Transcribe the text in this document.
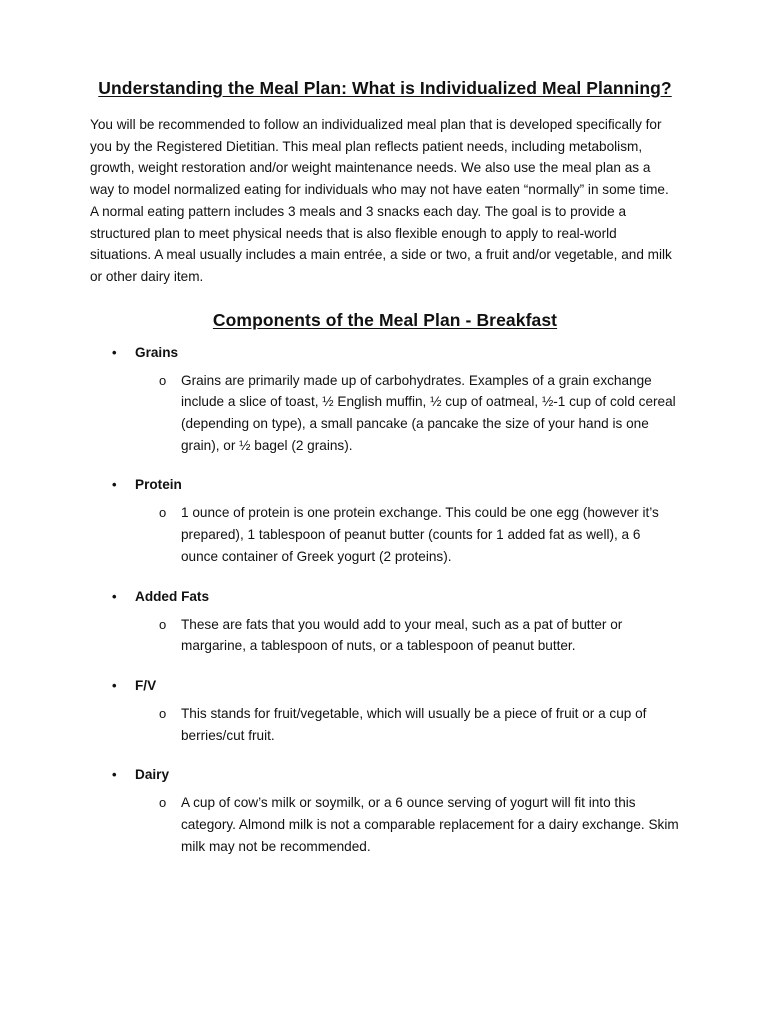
Understanding the Meal Plan: What is Individualized Meal Planning?

You will be recommended to follow an individualized meal plan that is developed specifically for you by the Registered Dietitian. This meal plan reflects patient needs, including metabolism, growth, weight restoration and/or weight maintenance needs. We also use the meal plan as a way to model normalized eating for individuals who may not have eaten “normally” in some time. A normal eating pattern includes 3 meals and 3 snacks each day. The goal is to provide a structured plan to meet physical needs that is also flexible enough to apply to real-world situations. A meal usually includes a main entrée, a side or two, a fruit and/or vegetable, and milk or other dairy item.

Components of the Meal Plan - Breakfast
• Grains
o Grains are primarily made up of carbohydrates. Examples of a grain exchange include a slice of toast, ½ English muffin, ½ cup of oatmeal, ½-1 cup of cold cereal (depending on type), a small pancake (a pancake the size of your hand is one grain), or ½ bagel (2 grains).
• Protein
o 1 ounce of protein is one protein exchange. This could be one egg (however it’s prepared), 1 tablespoon of peanut butter (counts for 1 added fat as well), a 6 ounce container of Greek yogurt (2 proteins).
• Added Fats
o These are fats that you would add to your meal, such as a pat of butter or margarine, a tablespoon of nuts, or a tablespoon of peanut butter.
• F/V
o This stands for fruit/vegetable, which will usually be a piece of fruit or a cup of berries/cut fruit.
• Dairy
o A cup of cow’s milk or soymilk, or a 6 ounce serving of yogurt will fit into this category. Almond milk is not a comparable replacement for a dairy exchange. Skim milk may not be recommended.
